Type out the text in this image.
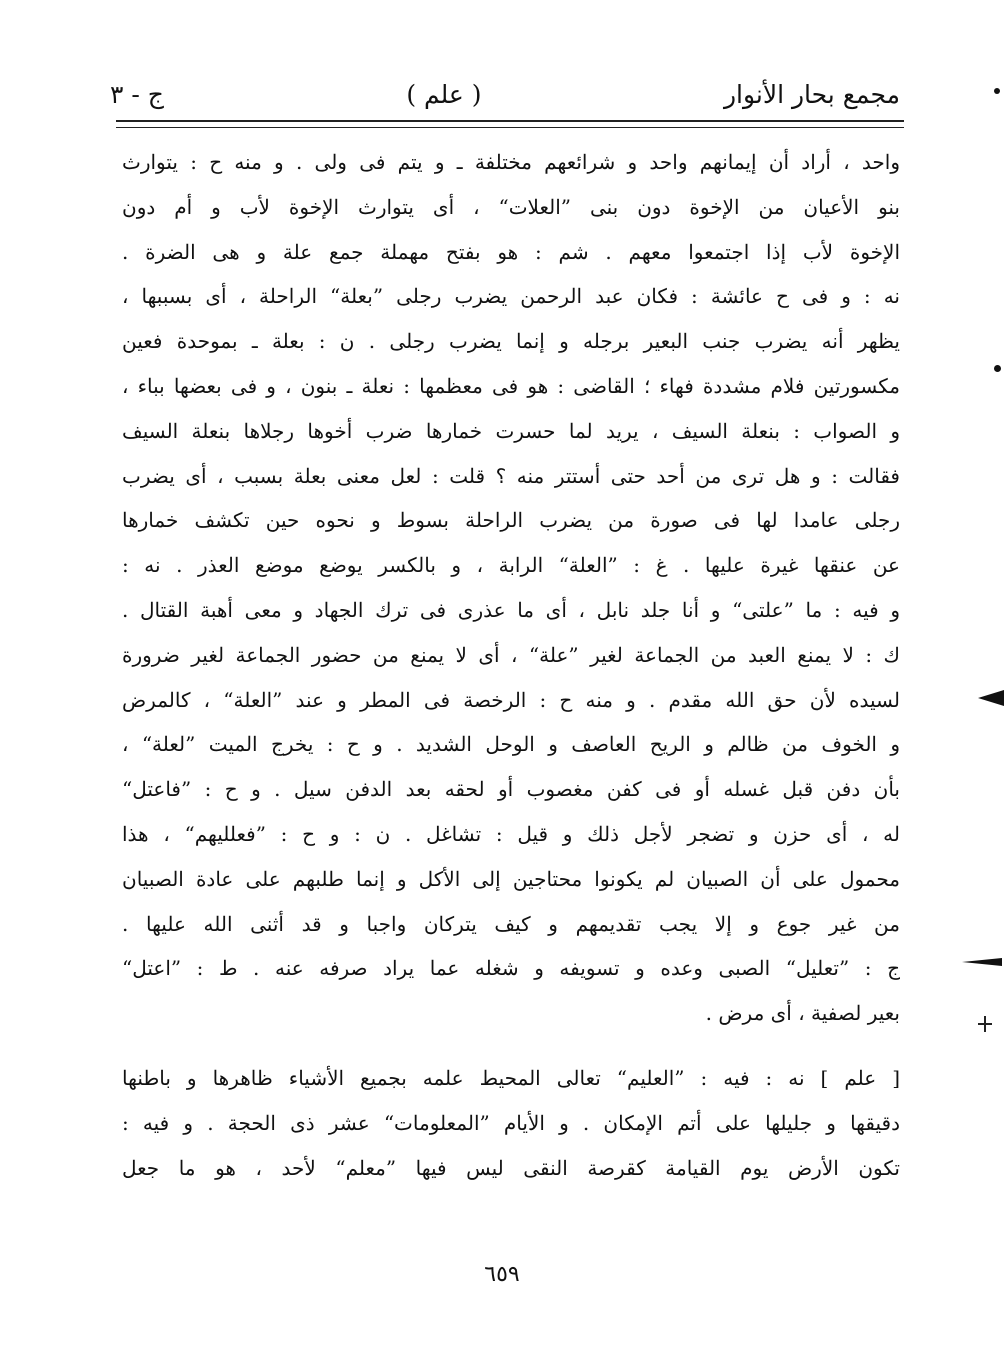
مجمع بحار الأنوار
( علم )
ج - ٣
واحد ، أراد أن إيمانهم واحد و شرائعهم مختلفة ـ و يتم فى ولى . و منه ح : يتوارث
بنو الأعيان من الإخوة دون بنى ”العلات“ ، أى يتوارث الإخوة لأب و أم دون
الإخوة لأب إذا اجتمعوا معهم . شم : هو بفتح مهملة جمع علة و هى الضرة .
نه : و فى ح عائشة : فكان عبد الرحمن يضرب رجلى ”بعلة“ الراحلة ، أى بسببها ،
يظهر أنه يضرب جنب البعير برجله و إنما يضرب رجلى . ن : بعلة ـ بموحدة فعين
مكسورتين فلام مشددة فهاء ؛ القاضى : هو فى معظمها : نعلة ـ بنون ، و فى بعضها بباء ،
و الصواب : بنعلة السيف ، يريد لما حسرت خمارها ضرب أخوها رجلاها بنعلة السيف
فقالت : و هل ترى من أحد حتى أستتر منه ؟ قلت : لعل معنى بعلة بسبب ، أى يضرب
رجلى عامدا لها فى صورة من يضرب الراحلة بسوط و نحوه حين تكشف خمارها
عن عنقها غيرة عليها . غ : ”العلة“ الرابة ، و بالكسر يوضع موضع العذر . نه :
و فيه : ما ”علتى“ و أنا جلد نابل ، أى ما عذرى فى ترك الجهاد و معى أهبة القتال .
ك : لا يمنع العبد من الجماعة لغير ”علة“ ، أى لا يمنع من حضور الجماعة لغير ضرورة
لسيده لأن حق الله مقدم . و منه ح : الرخصة فى المطر و عند ”العلة“ ، كالمرض
و الخوف من ظالم و الريح العاصف و الوحل الشديد . و ح : يخرج الميت ”لعلة“ ،
بأن دفن قبل غسله أو فى كفن مغصوب أو لحقه بعد الدفن سيل . و ح : ”فاعتل“
له ، أى حزن و تضجر لأجل ذلك و قيل : تشاغل . ن : و ح : ”فعلليهم“ ، هذا
محمول على أن الصبيان لم يكونوا محتاجين إلى الأكل و إنما طلبهم على عادة الصبيان
من غير جوع و إلا يجب تقديمهم و كيف يتركان واجبا و قد أثنى الله عليها .
ج : ”تعليل“ الصبى وعده و تسويفه و شغله عما يراد صرفه عنه . ط : ”اعتل“
بعير لصفية ، أى مرض .
[ علم ] نه : فيه : ”العليم“ تعالى المحيط علمه بجميع الأشياء ظاهرها و باطنها
دقيقها و جليلها على أتم الإمكان . و الأيام ”المعلومات“ عشر ذى الحجة . و فيه :
تكون الأرض يوم القيامة كقرصة النقى ليس فيها ”معلم“ لأحد ، هو ما جعل
٦٥٩
